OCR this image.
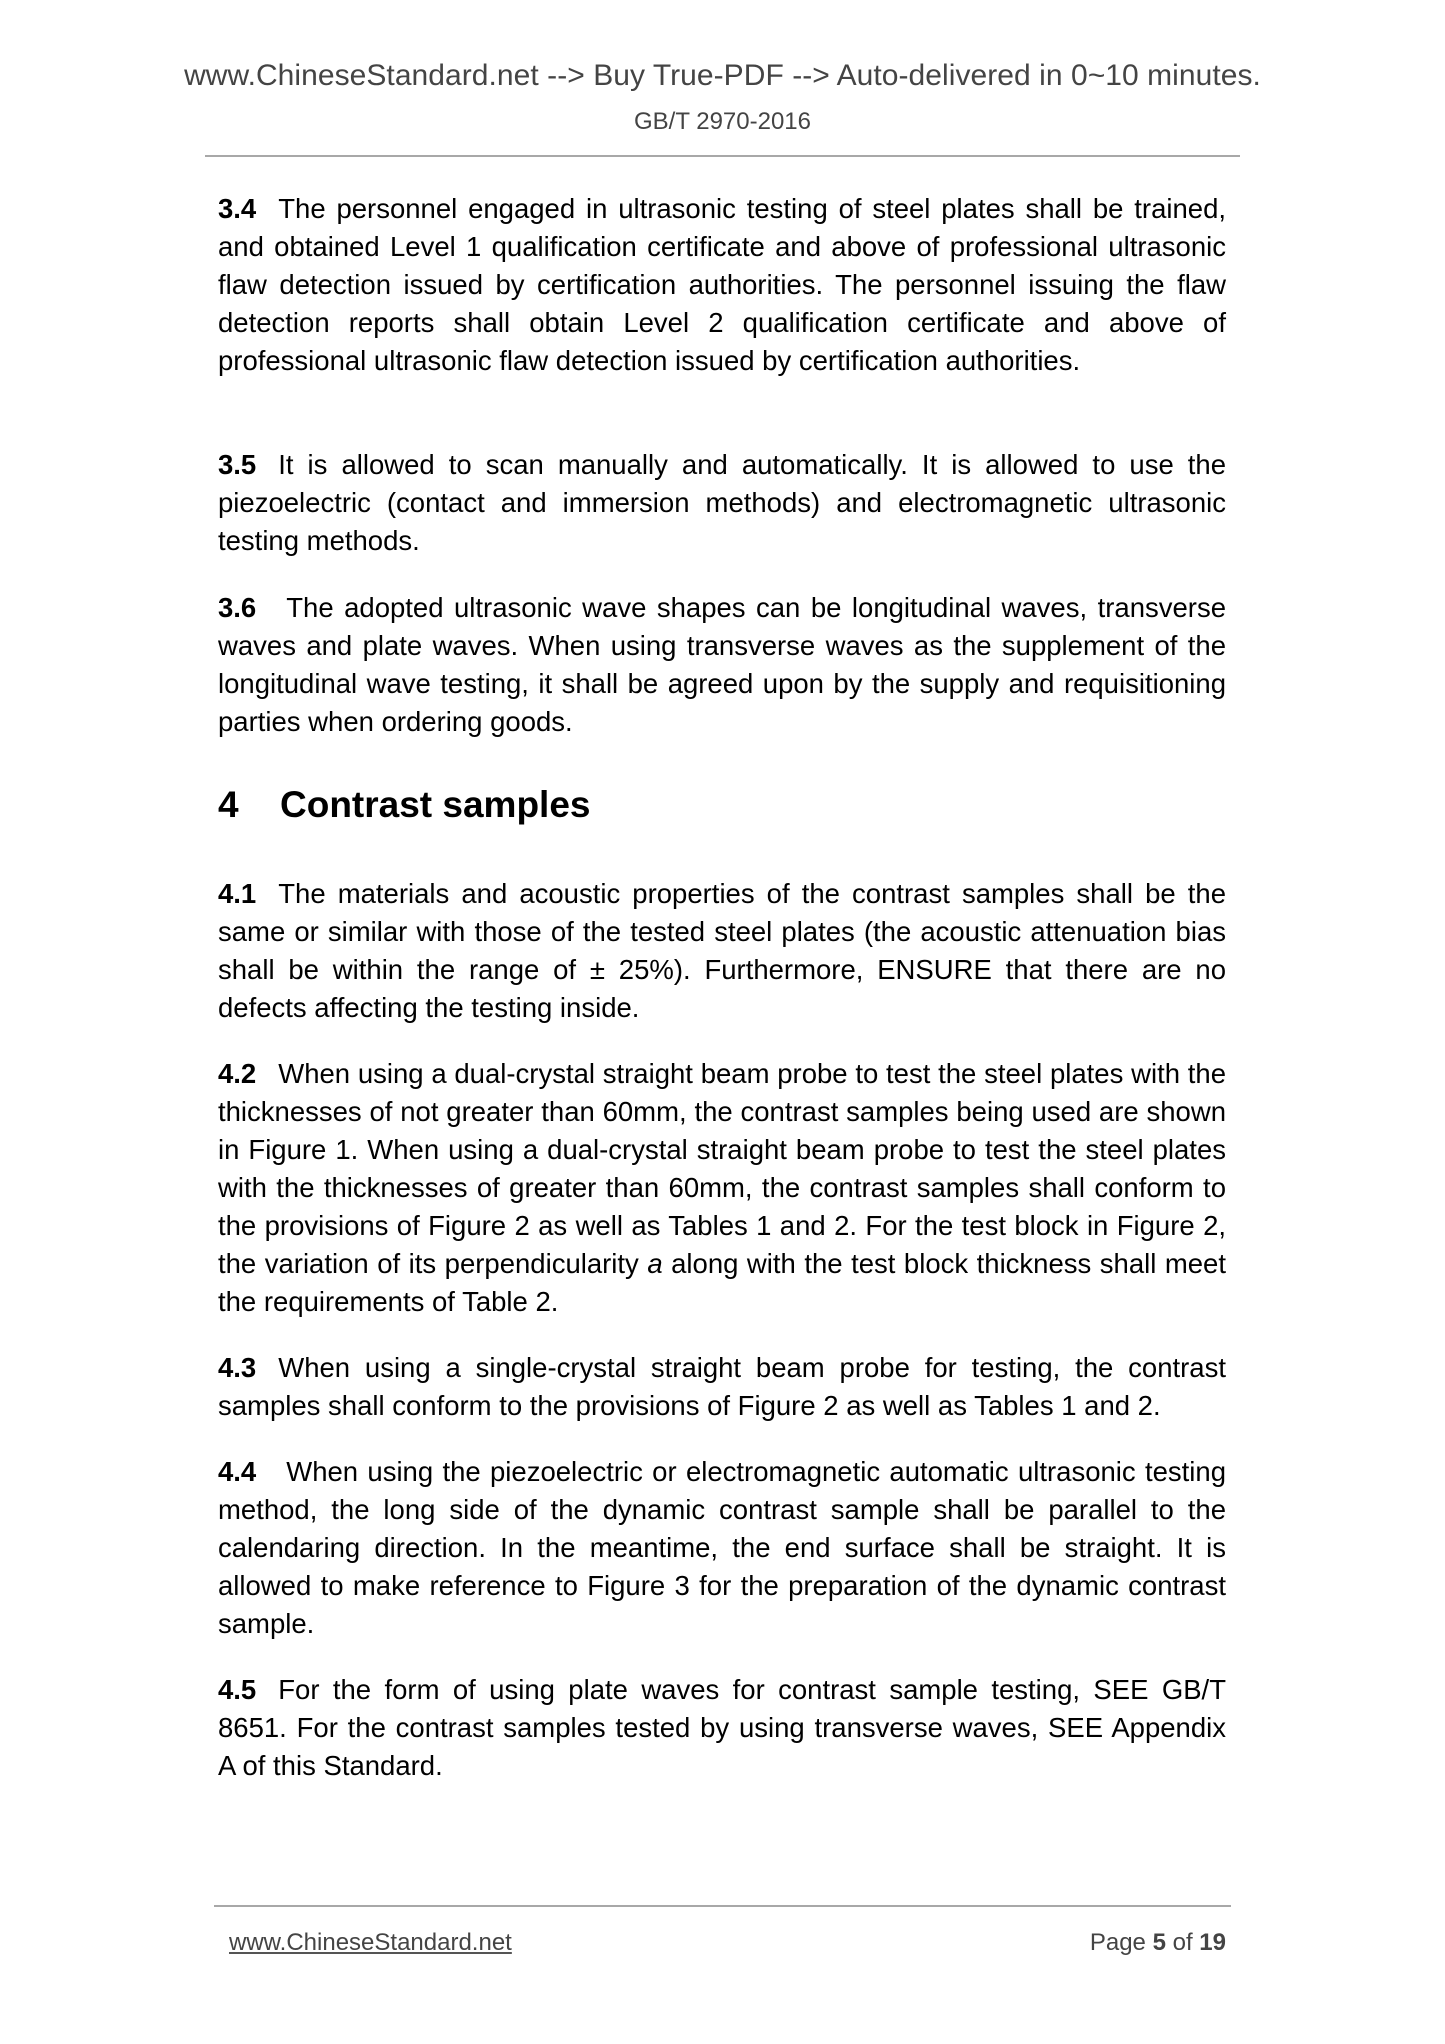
www.ChineseStandard.net --> Buy True-PDF --> Auto-delivered in 0~10 minutes.
GB/T 2970-2016
3.4 The personnel engaged in ultrasonic testing of steel plates shall be trained, and obtained Level 1 qualification certificate and above of professional ultrasonic flaw detection issued by certification authorities. The personnel issuing the flaw detection reports shall obtain Level 2 qualification certificate and above of professional ultrasonic flaw detection issued by certification authorities.
3.5 It is allowed to scan manually and automatically. It is allowed to use the piezoelectric (contact and immersion methods) and electromagnetic ultrasonic testing methods.
3.6 The adopted ultrasonic wave shapes can be longitudinal waves, transverse waves and plate waves. When using transverse waves as the supplement of the longitudinal wave testing, it shall be agreed upon by the supply and requisitioning parties when ordering goods.
4 Contrast samples
4.1 The materials and acoustic properties of the contrast samples shall be the same or similar with those of the tested steel plates (the acoustic attenuation bias shall be within the range of ± 25%). Furthermore, ENSURE that there are no defects affecting the testing inside.
4.2 When using a dual-crystal straight beam probe to test the steel plates with the thicknesses of not greater than 60mm, the contrast samples being used are shown in Figure 1. When using a dual-crystal straight beam probe to test the steel plates with the thicknesses of greater than 60mm, the contrast samples shall conform to the provisions of Figure 2 as well as Tables 1 and 2. For the test block in Figure 2, the variation of its perpendicularity a along with the test block thickness shall meet the requirements of Table 2.
4.3 When using a single-crystal straight beam probe for testing, the contrast samples shall conform to the provisions of Figure 2 as well as Tables 1 and 2.
4.4 When using the piezoelectric or electromagnetic automatic ultrasonic testing method, the long side of the dynamic contrast sample shall be parallel to the calendaring direction. In the meantime, the end surface shall be straight. It is allowed to make reference to Figure 3 for the preparation of the dynamic contrast sample.
4.5 For the form of using plate waves for contrast sample testing, SEE GB/T 8651. For the contrast samples tested by using transverse waves, SEE Appendix A of this Standard.
www.ChineseStandard.net	Page 5 of 19
